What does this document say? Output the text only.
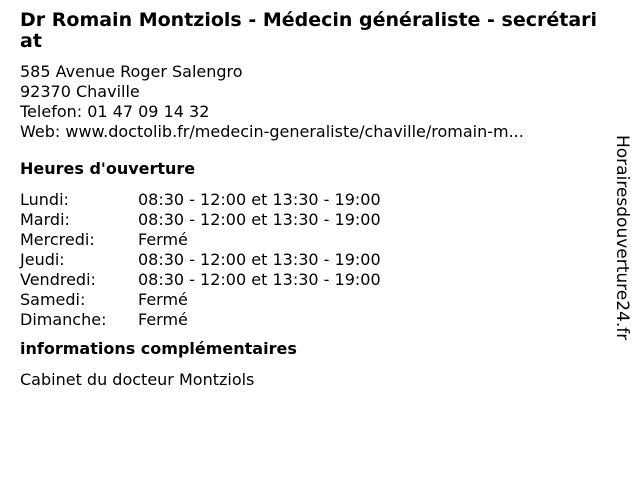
Dr Romain Montziols - Médecin généraliste - secrétariat
585 Avenue Roger Salengro
92370 Chaville
Telefon: 01 47 09 14 32
Web: www.doctolib.fr/medecin-generaliste/chaville/romain-m...
Heures d'ouverture
Lundi:	08:30 - 12:00 et 13:30 - 19:00
Mardi:	08:30 - 12:00 et 13:30 - 19:00
Mercredi:	Fermé
Jeudi:	08:30 - 12:00 et 13:30 - 19:00
Vendredi:	08:30 - 12:00 et 13:30 - 19:00
Samedi:	Fermé
Dimanche:	Fermé
informations complémentaires
Cabinet du docteur Montziols
Horairesdouverture24.fr
